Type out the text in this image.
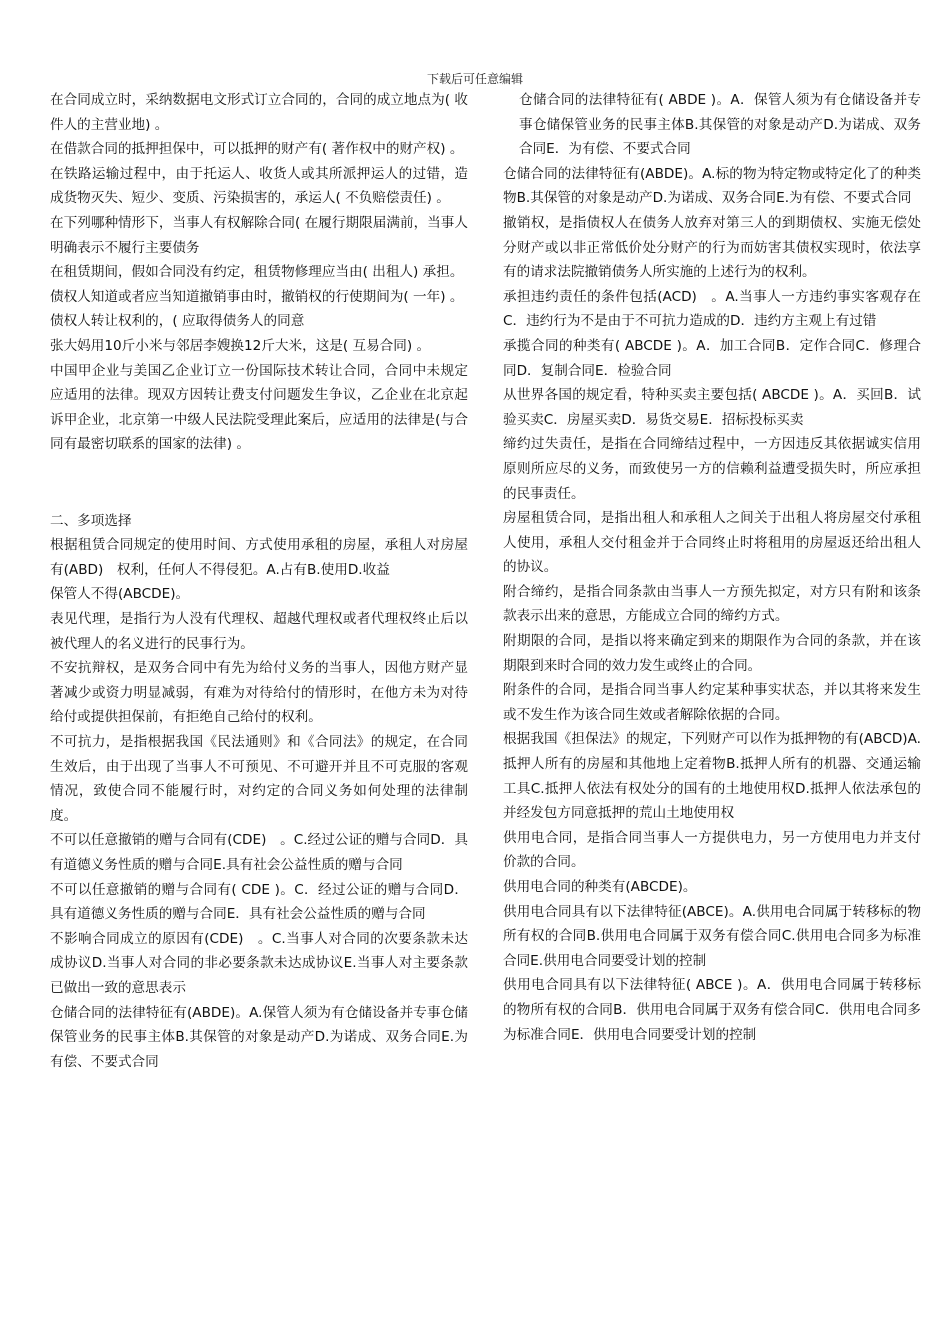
下载后可任意编辑

在合同成立时，采纳数据电文形式订立合同的，合同的成立地点为( 收件人的主营业地) 。

在借款合同的抵押担保中，可以抵押的财产有( 著作权中的财产权) 。

在铁路运输过程中，由于托运人、收货人或其所派押运人的过错，造成货物灭失、短少、变质、污染损害的，承运人( 不负赔偿责任) 。

在下列哪种情形下，当事人有权解除合同( 在履行期限届满前，当事人明确表示不履行主要债务

在租赁期间，假如合同没有约定，租赁物修理应当由( 出租人) 承担。

债权人知道或者应当知道撤销事由时，撤销权的行使期间为( 一年) 。

债权人转让权利的，( 应取得债务人的同意

张大妈用10斤小米与邻居李嫂换12斤大米，这是( 互易合同) 。

中国甲企业与美国乙企业订立一份国际技术转让合同，合同中未规定应适用的法律。现双方因转让费支付问题发生争议，乙企业在北京起诉甲企业，北京第一中级人民法院受理此案后，应适用的法律是(与合同有最密切联系的国家的法律) 。

二、多项选择

根据租赁合同规定的使用时间、方式使用承租的房屋，承租人对房屋有(ABD)　权利，任何人不得侵犯。A.占有B.使用D.收益

保管人不得(ABCDE)。

表见代理，是指行为人没有代理权、超越代理权或者代理权终止后以被代理人的名义进行的民事行为。

不安抗辩权，是双务合同中有先为给付义务的当事人，因他方财产显著减少或资力明显减弱，有难为对待给付的情形时，在他方未为对待给付或提供担保前，有拒绝自己给付的权利。

不可抗力，是指根据我国《民法通则》和《合同法》的规定，在合同生效后，由于出现了当事人不可预见、不可避开并且不可克服的客观情况，致使合同不能履行时，对约定的合同义务如何处理的法律制度。

不可以任意撤销的赠与合同有(CDE)　。C.经过公证的赠与合同D．具有道德义务性质的赠与合同E.具有社会公益性质的赠与合同

不可以任意撤销的赠与合同有( CDE )。C．经过公证的赠与合同D．具有道德义务性质的赠与合同E．具有社会公益性质的赠与合同

不影响合同成立的原因有(CDE)　。C.当事人对合同的次要条款未达成协议D.当事人对合同的非必要条款未达成协议E.当事人对主要条款已做出一致的意思表示

仓储合同的法律特征有(ABDE)。A.保管人须为有仓储设备并专事仓储保管业务的民事主体B.其保管的对象是动产D.为诺成、双务合同E.为有偿、不要式合同

仓储合同的法律特征有( ABDE )。A．保管人须为有仓储设备并专事仓储保管业务的民事主体B.其保管的对象是动产D.为诺成、双务合同E．为有偿、不要式合同

仓储合同的法律特征有(ABDE)。A.标的物为特定物或特定化了的种类物B.其保管的对象是动产D.为诺成、双务合同E.为有偿、不要式合同

撤销权，是指债权人在债务人放弃对第三人的到期债权、实施无偿处分财产或以非正常低价处分财产的行为而妨害其债权实现时，依法享有的请求法院撤销债务人所实施的上述行为的权利。

承担违约责任的条件包括(ACD)　。A.当事人一方违约事实客观存在C．违约行为不是由于不可抗力造成的D．违约方主观上有过错

承揽合同的种类有( ABCDE )。A．加工合同B．定作合同C．修理合同D．复制合同E．检验合同

从世界各国的规定看，特种买卖主要包括( ABCDE )。A．买回B．试验买卖C．房屋买卖D．易货交易E．招标投标买卖

缔约过失责任，是指在合同缔结过程中，一方因违反其依据诚实信用原则所应尽的义务，而致使另一方的信赖利益遭受损失时，所应承担的民事责任。

房屋租赁合同，是指出租人和承租人之间关于出租人将房屋交付承租人使用，承租人交付租金并于合同终止时将租用的房屋返还给出租人的协议。

附合缔约，是指合同条款由当事人一方预先拟定，对方只有附和该条款表示出来的意思，方能成立合同的缔约方式。

附期限的合同，是指以将来确定到来的期限作为合同的条款，并在该期限到来时合同的效力发生或终止的合同。

附条件的合同，是指合同当事人约定某种事实状态，并以其将来发生或不发生作为该合同生效或者解除依据的合同。

根据我国《担保法》的规定，下列财产可以作为抵押物的有(ABCD)A.抵押人所有的房屋和其他地上定着物B.抵押人所有的机器、交通运输工具C.抵押人依法有权处分的国有的土地使用权D.抵押人依法承包的并经发包方同意抵押的荒山土地使用权

供用电合同，是指合同当事人一方提供电力，另一方使用电力并支付价款的合同。

供用电合同的种类有(ABCDE)。

供用电合同具有以下法律特征(ABCE)。A.供用电合同属于转移标的物所有权的合同B.供用电合同属于双务有偿合同C.供用电合同多为标准合同E.供用电合同要受计划的控制

供用电合同具有以下法律特征( ABCE )。A．供用电合同属于转移标的物所有权的合同B．供用电合同属于双务有偿合同C．供用电合同多为标准合同E．供用电合同要受计划的控制
